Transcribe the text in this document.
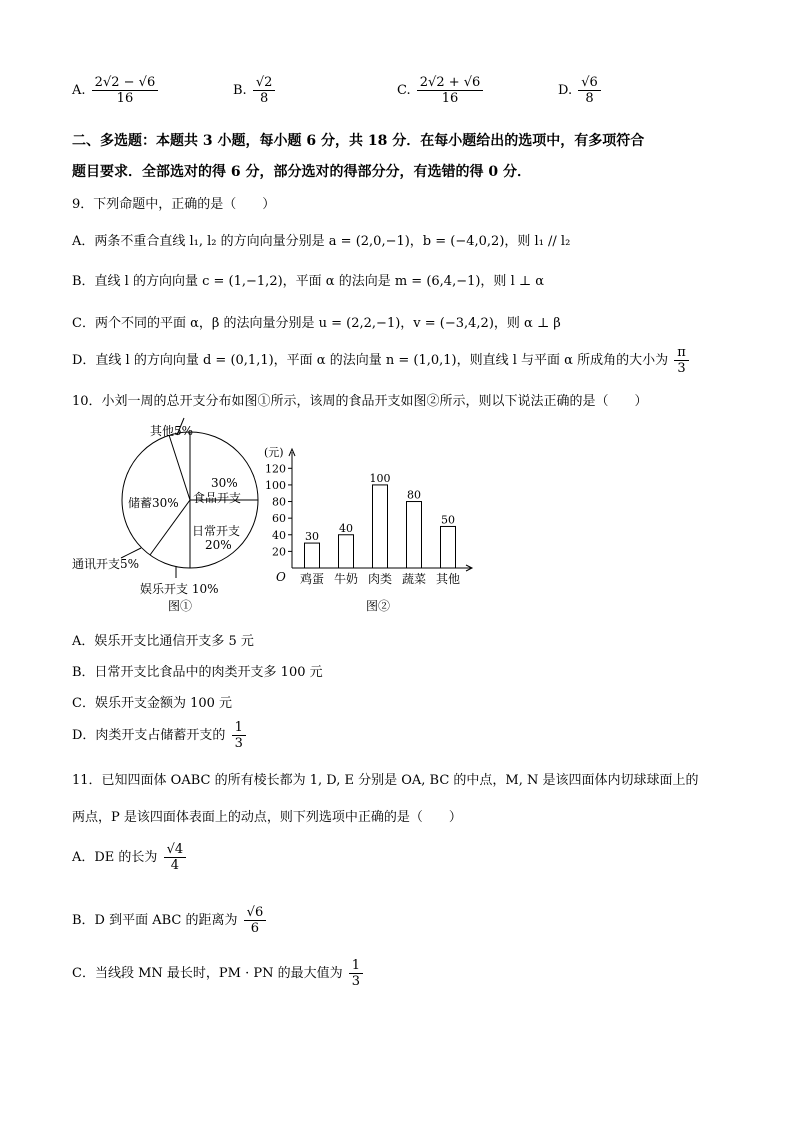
A. $\frac{2√2 - √6}{16}$	B. $\frac{√2}{8}$	C. $\frac{2√2 + √6}{16}$	D. $\frac{√6}{8}$
二、多选题：本题共 3 小题，每小题 6 分，共 18 分．在每小题给出的选项中，有多项符合
题目要求．全部选对的得 6 分，部分选对的得部分分，有选错的得 0 分．
9．下列命题中，正确的是（　　）
A．两条不重合直线 l₁, l₂ 的方向向量分别是 a = (2,0,−1)，b = (−4,0,2)，则 l₁ // l₂
B．直线 l 的方向向量 c = (1,−1,2)，平面 α 的法向是 m = (6,4,−1)，则 l ⊥ α
C．两个不同的平面 α，β 的法向量分别是 u = (2,2,−1)，v = (−3,4,2)，则 α ⊥ β
D．直线 l 的方向向量 d = (0,1,1)，平面 α 的法向量 n = (1,0,1)，则直线 l 与平面 α 所成角的大小为 $\frac{\pi}{3}$
10．小刘一周的总开支分布如图①所示，该周的食品开支如图②所示，则以下说法正确的是（　　）
其他5%
储蓄30%
30%
食品开支
日常开支
20%
通讯开支5%
娱乐开支 10%
图①
(元)
O
20
40
60
80
100
120
30
鸡蛋
40
牛奶
100
肉类
80
蔬菜
50
其他
图②
A．娱乐开支比通信开支多 5 元
B．日常开支比食品中的肉类开支多 100 元
C．娱乐开支金额为 100 元
D．肉类开支占储蓄开支的 $\frac{1}{3}$
11．已知四面体 OABC 的所有棱长都为 1, D, E 分别是 OA, BC 的中点，M, N 是该四面体内切球球面上的
两点，P 是该四面体表面上的动点，则下列选项中正确的是（　　）
A．DE 的长为 $\frac{√4}{4}$
B．D 到平面 ABC 的距离为 $\frac{√6}{6}$
C．当线段 MN 最长时，PM · PN 的最大值为 $\frac{1}{3}$
